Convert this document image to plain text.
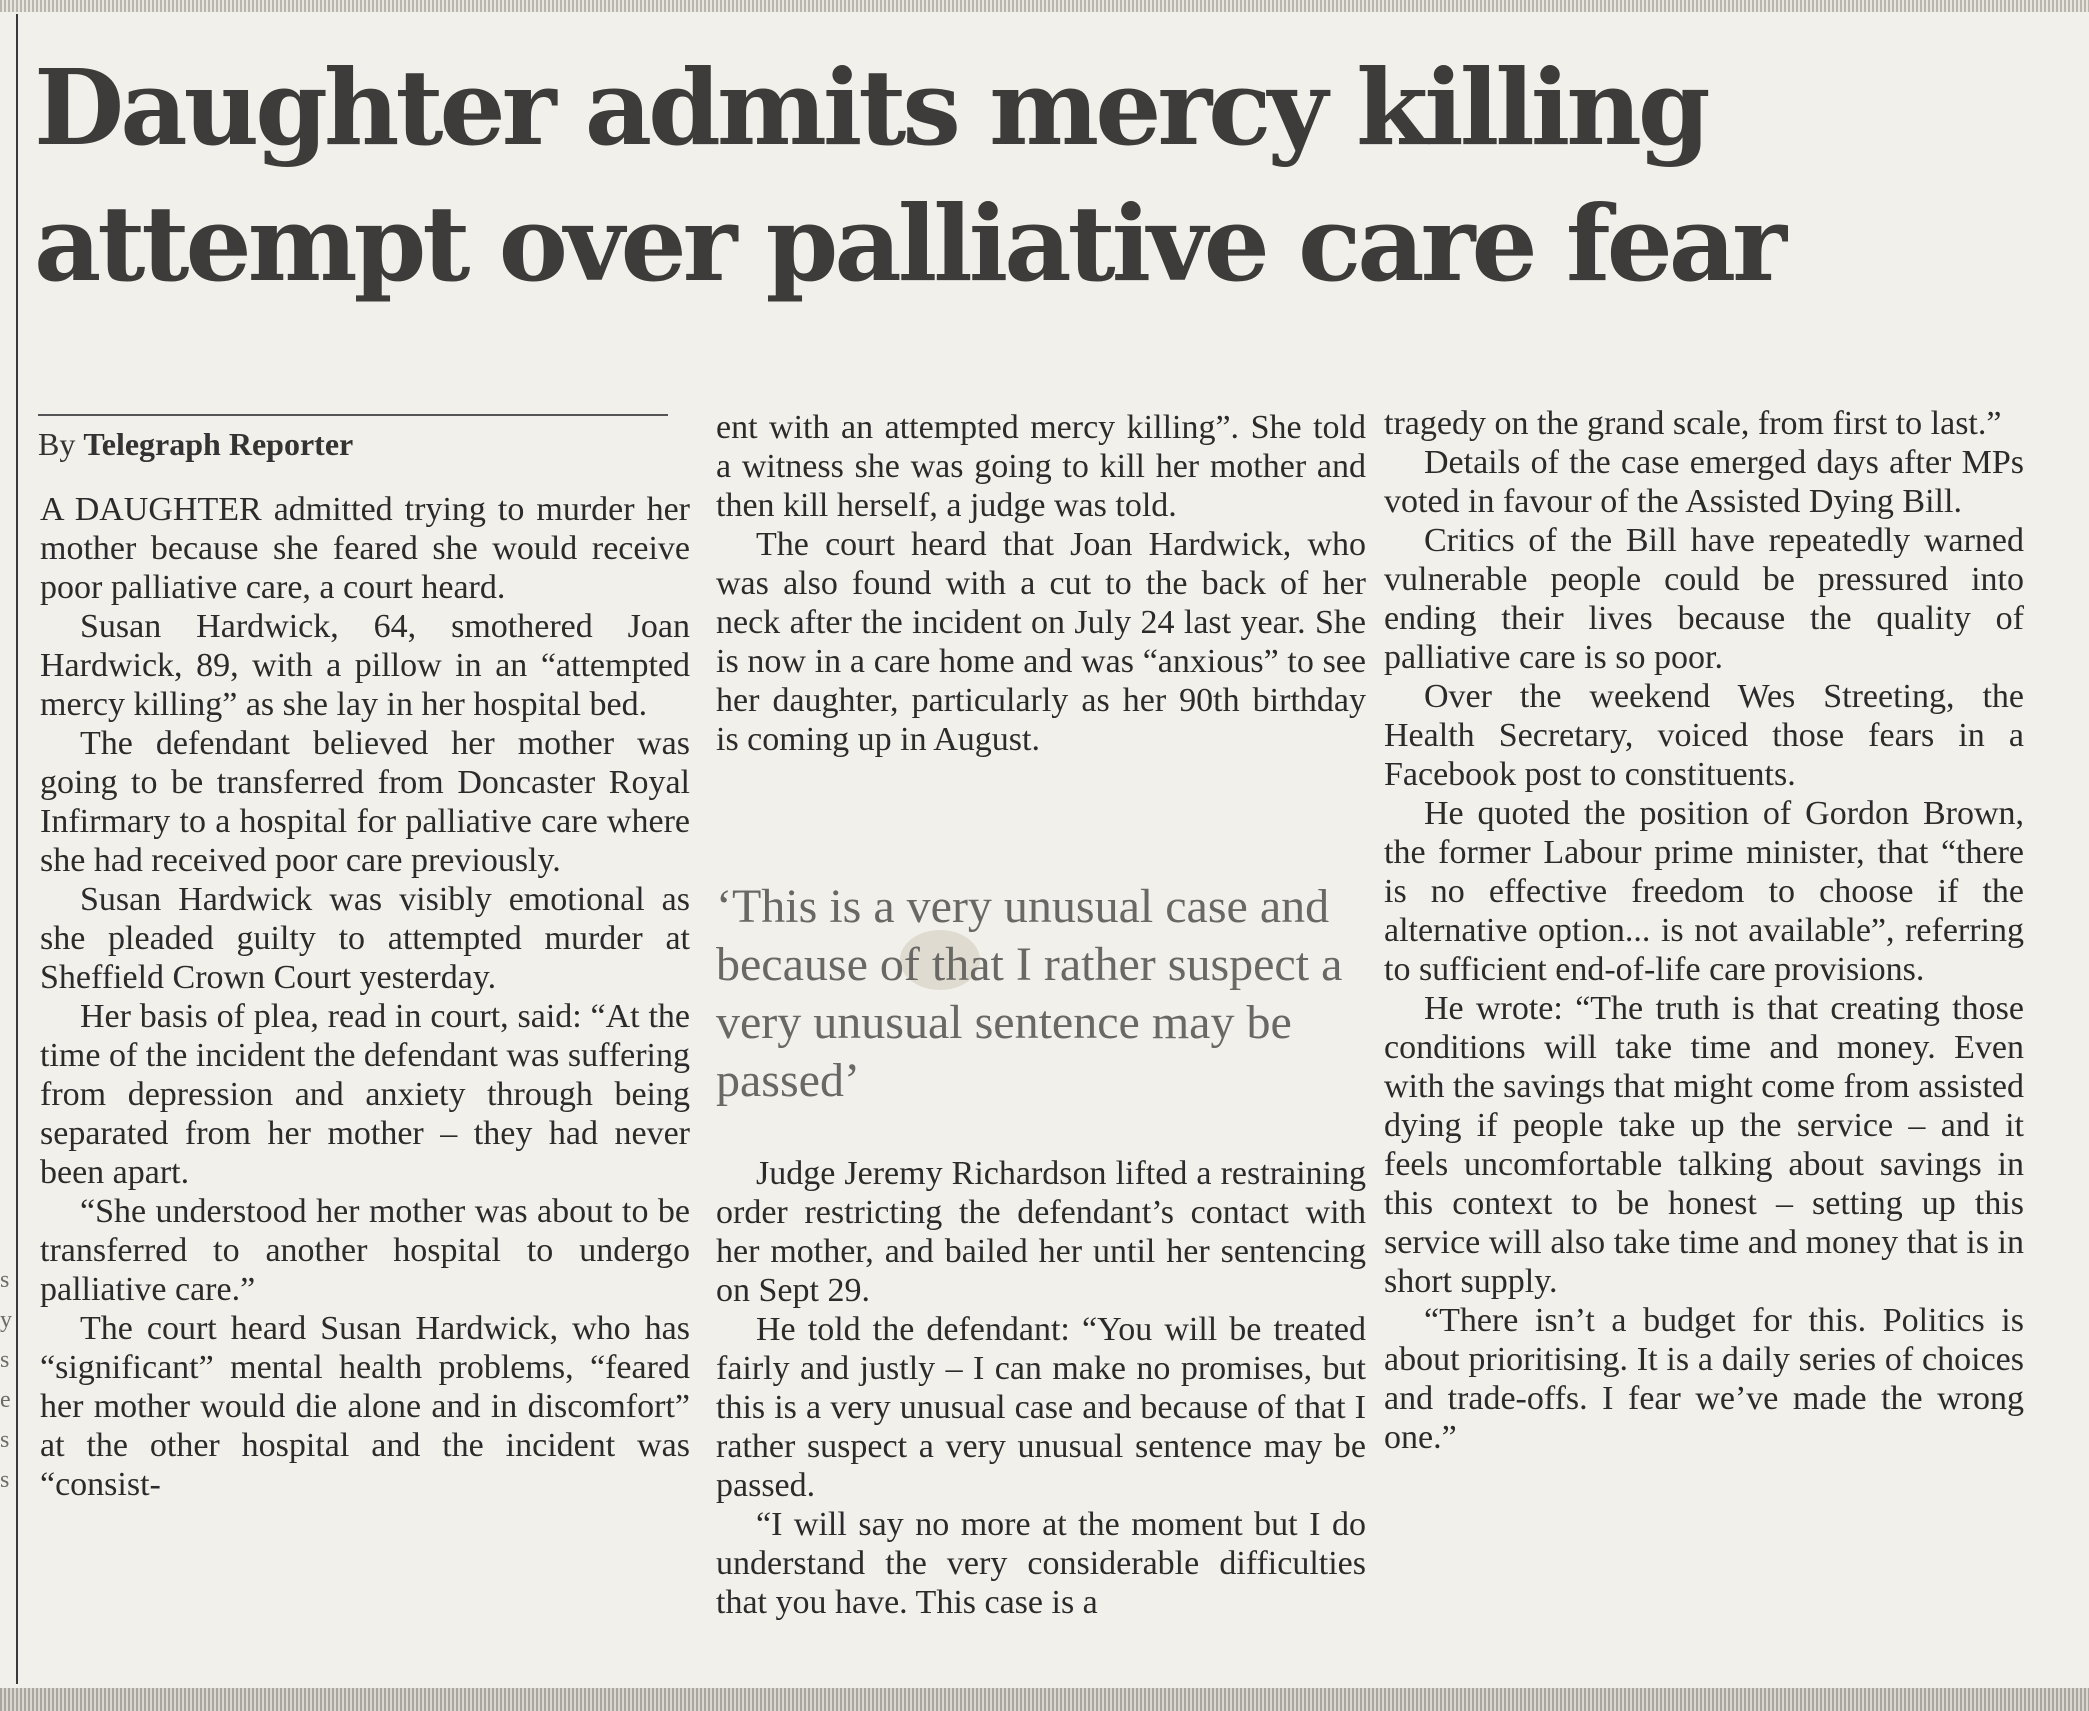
s
y
s
e
s
s
Daughter admits mercy killing attempt over palliative care fear
By Telegraph Reporter

A DAUGHTER admitted trying to murder her mother because she feared she would receive poor palliative care, a court heard.

Susan Hardwick, 64, smothered Joan Hardwick, 89, with a pillow in an “attempted mercy killing” as she lay in her hospital bed.

The defendant believed her mother was going to be transferred from Doncaster Royal Infirmary to a hospital for palliative care where she had received poor care previously.

Susan Hardwick was visibly emotional as she pleaded guilty to attempted murder at Sheffield Crown Court yesterday.

Her basis of plea, read in court, said: “At the time of the incident the defendant was suffering from depression and anxiety through being separated from her mother – they had never been apart.

“She understood her mother was about to be transferred to another hospital to undergo palliative care.”

The court heard Susan Hardwick, who has “significant” mental health problems, “feared her mother would die alone and in discomfort” at the other hospital and the incident was “consist-

ent with an attempted mercy killing”. She told a witness she was going to kill her mother and then kill herself, a judge was told.

The court heard that Joan Hardwick, who was also found with a cut to the back of her neck after the incident on July 24 last year. She is now in a care home and was “anxious” to see her daughter, particularly as her 90th birthday is coming up in August.

‘This is a very unusual case and because of that I rather suspect a very unusual sentence may be passed’

Judge Jeremy Richardson lifted a restraining order restricting the defendant’s contact with her mother, and bailed her until her sentencing on Sept 29.

He told the defendant: “You will be treated fairly and justly – I can make no promises, but this is a very unusual case and because of that I rather suspect a very unusual sentence may be passed.

“I will say no more at the moment but I do understand the very considerable difficulties that you have. This case is a

tragedy on the grand scale, from first to last.”

Details of the case emerged days after MPs voted in favour of the Assisted Dying Bill.

Critics of the Bill have repeatedly warned vulnerable people could be pressured into ending their lives because the quality of palliative care is so poor.

Over the weekend Wes Streeting, the Health Secretary, voiced those fears in a Facebook post to constituents.

He quoted the position of Gordon Brown, the former Labour prime minister, that “there is no effective freedom to choose if the alternative option... is not available”, referring to sufficient end-of-life care provisions.

He wrote: “The truth is that creating those conditions will take time and money. Even with the savings that might come from assisted dying if people take up the service – and it feels uncomfortable talking about savings in this context to be honest – setting up this service will also take time and money that is in short supply.

“There isn’t a budget for this. Politics is about prioritising. It is a daily series of choices and trade-offs. I fear we’ve made the wrong one.”
